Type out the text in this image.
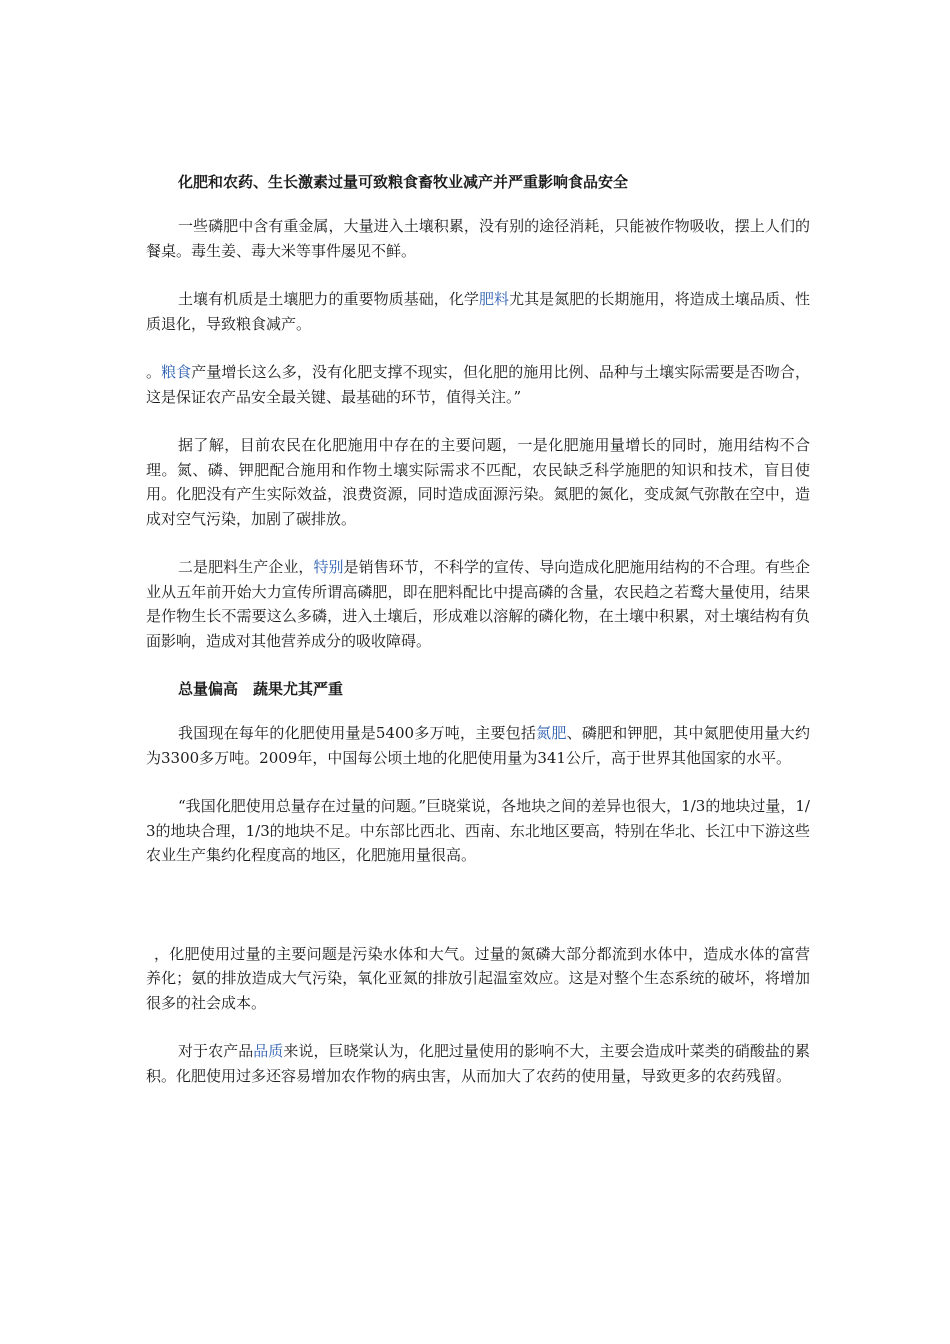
化肥和农药、生长激素过量可致粮食畜牧业减产并严重影响食品安全

一些磷肥中含有重金属，大量进入土壤积累，没有别的途径消耗，只能被作物吸收，摆上人们的餐桌。毒生姜、毒大米等事件屡见不鲜。

土壤有机质是土壤肥力的重要物质基础，化学肥料尤其是氮肥的长期施用，将造成土壤品质、性质退化，导致粮食减产。

。粮食产量增长这么多，没有化肥支撑不现实，但化肥的施用比例、品种与土壤实际需要是否吻合，这是保证农产品安全最关键、最基础的环节，值得关注。”

据了解，目前农民在化肥施用中存在的主要问题，一是化肥施用量增长的同时，施用结构不合理。氮、磷、钾肥配合施用和作物土壤实际需求不匹配，农民缺乏科学施肥的知识和技术，盲目使用。化肥没有产生实际效益，浪费资源，同时造成面源污染。氮肥的氮化，变成氮气弥散在空中，造成对空气污染，加剧了碳排放。

二是肥料生产企业，特别是销售环节，不科学的宣传、导向造成化肥施用结构的不合理。有些企业从五年前开始大力宣传所谓高磷肥，即在肥料配比中提高磷的含量，农民趋之若鹜大量使用，结果是作物生长不需要这么多磷，进入土壤后，形成难以溶解的磷化物，在土壤中积累，对土壤结构有负面影响，造成对其他营养成分的吸收障碍。

总量偏高　蔬果尤其严重

我国现在每年的化肥使用量是5400多万吨，主要包括氮肥、磷肥和钾肥，其中氮肥使用量大约为3300多万吨。2009年，中国每公顷土地的化肥使用量为341公斤，高于世界其他国家的水平。

“我国化肥使用总量存在过量的问题。”巨晓棠说，各地块之间的差异也很大，1/3的地块过量，1/3的地块合理，1/3的地块不足。中东部比西北、西南、东北地区要高，特别在华北、长江中下游这些农业生产集约化程度高的地区，化肥施用量很高。

，化肥使用过量的主要问题是污染水体和大气。过量的氮磷大部分都流到水体中，造成水体的富营养化；氨的排放造成大气污染，氧化亚氮的排放引起温室效应。这是对整个生态系统的破坏，将增加很多的社会成本。

对于农产品品质来说，巨晓棠认为，化肥过量使用的影响不大，主要会造成叶菜类的硝酸盐的累积。化肥使用过多还容易增加农作物的病虫害，从而加大了农药的使用量，导致更多的农药残留。
